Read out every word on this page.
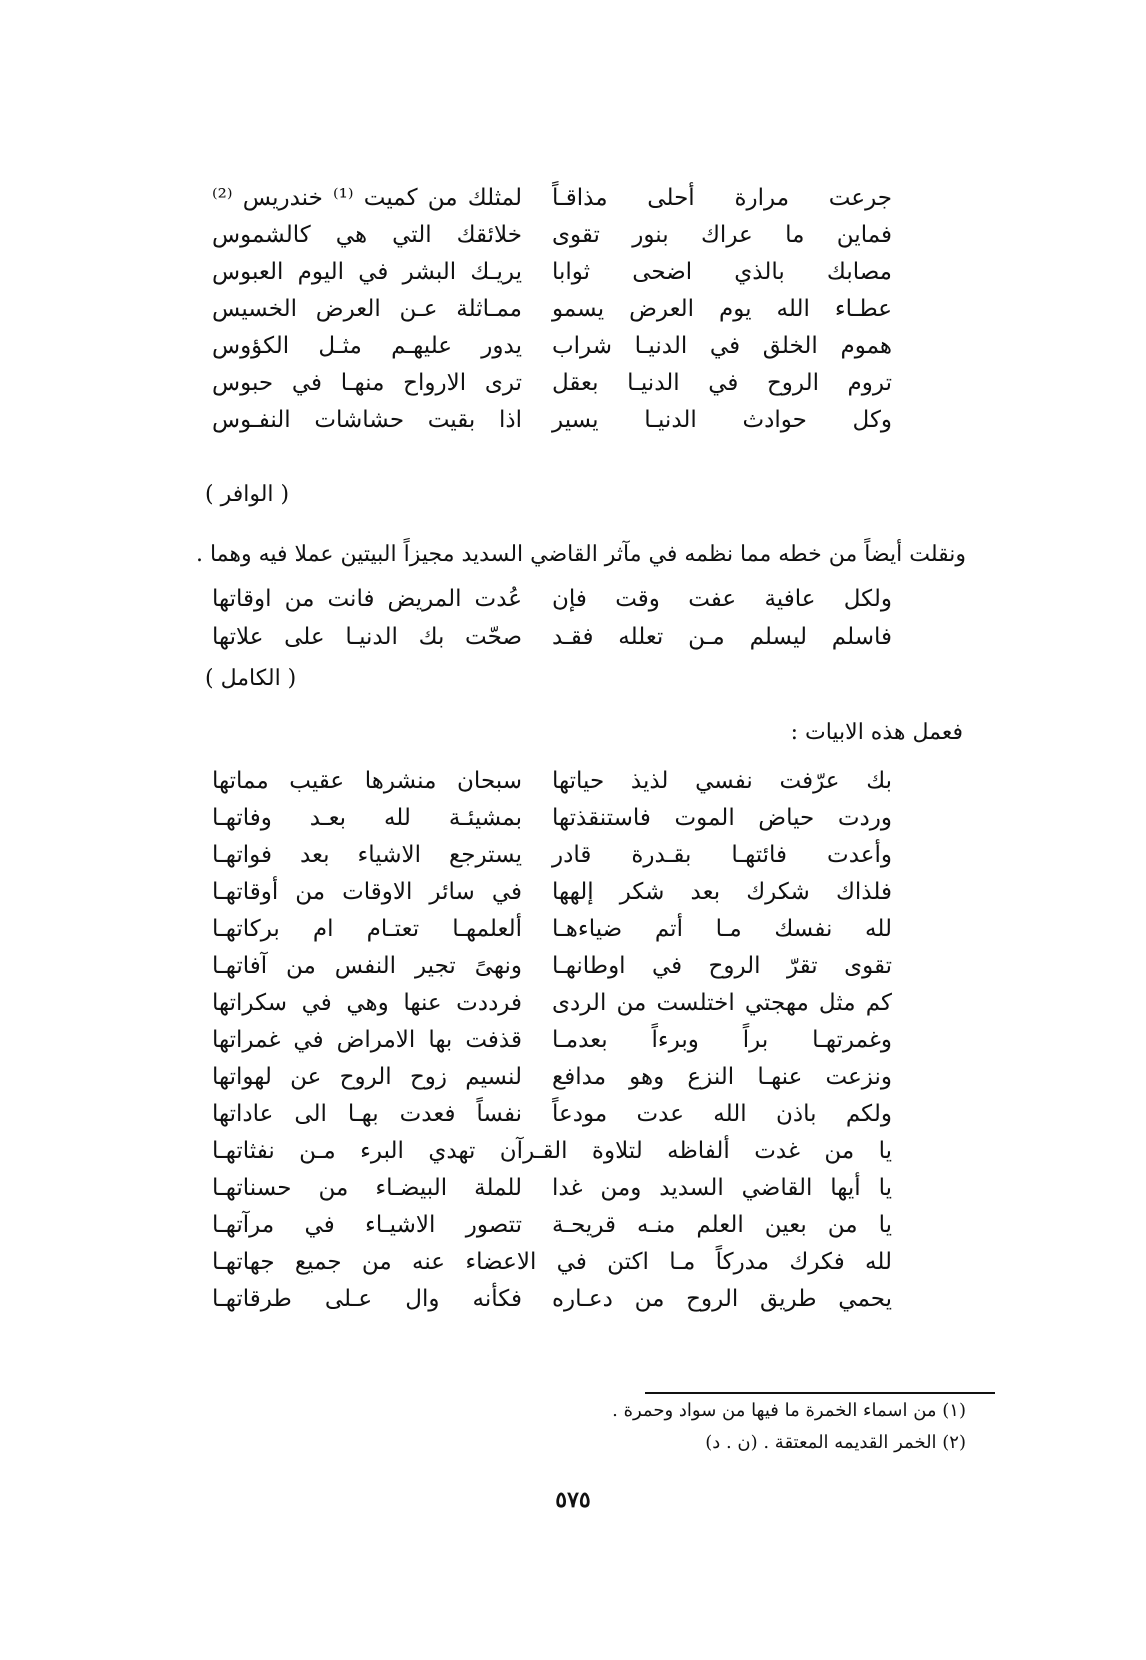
جرعت مرارة أحلى مذاقـاً
لمثلك من كميت ⁽¹⁾ خندريس ⁽²⁾
فماين ما عراك بنور تقوى
خلائقك التي هي كالشموس
مصابك بالذي اضحى ثوابا
يريـك البشر في اليوم العبوس
عطـاء الله يوم العرض يسمو
ممـاثلة عـن العرض الخسيس
هموم الخلق في الدنيـا شراب
يدور عليهـم مثـل الكؤوس
تروم الروح في الدنيـا بعقل
ترى الارواح منهـا في حبوس
وكل حوادث الدنيـا يسير
اذا بقيت حشاشات النفـوس
( الوافر )
ونقلت أيضاً من خطه مما نظمه في مآثر القاضي السديد مجيزاً البيتين عملا فيه وهما .
ولكل عافية عفت وقت فإن
عُدت المريض فانت من اوقاتها
فاسلم ليسلم مـن تعلله فقـد
صحّت بك الدنيـا على علاتها
( الكامل )
فعمل هذه الابيات :
بك عرّفت نفسي لذيذ حياتها
سبحان منشرها عقيب مماتها
وردت حياض الموت فاستنقذتها
بمشيئـة لله بعـد وفاتهـا
وأعدت فائتهـا بقـدرة قادر
يسترجع الاشياء بعد فواتهـا
فلذاك شكرك بعد شكر إلهها
في سائر الاوقات من أوقاتهـا
لله نفسك مـا أتم ضياءهـا
ألعلمهـا تعتـام ام بركاتهـا
تقوى تقرّ الروح في اوطانهـا
ونهىً تجير النفس من آفاتهـا
كم مثل مهجتي اختلست من الردى
فرددت عنها وهي في سكراتها
وغمرتهـا براً وبرءاً بعدمـا
قذفت بها الامراض في غمراتها
ونزعت عنهـا النزع وهو مدافع
لنسيم زوح الروح عن لهواتها
ولكم باذن الله عدت مودعاً
نفساً فعدت بهـا الى عاداتها
يا من غدت ألفاظه لتلاوة القـرآن تهدي البرء مـن نفثاتهـا
يا أيها القاضي السديد ومن غدا
للملة البيضـاء من حسناتهـا
يا من بعين العلم منـه قريحـة
تتصور الاشيـاء في مرآتهـا
لله فكرك مدركاً مـا اكتن في الاعضاء عنه من جميع جهاتهـا
يحمي طريق الروح من دعـاره
فكأنه وال عـلى طرقاتهـا
(١) من اسماء الخمرة ما فيها من سواد وحمرة .
(٢) الخمر القديمه المعتقة . (ن . د)
٥٧٥
